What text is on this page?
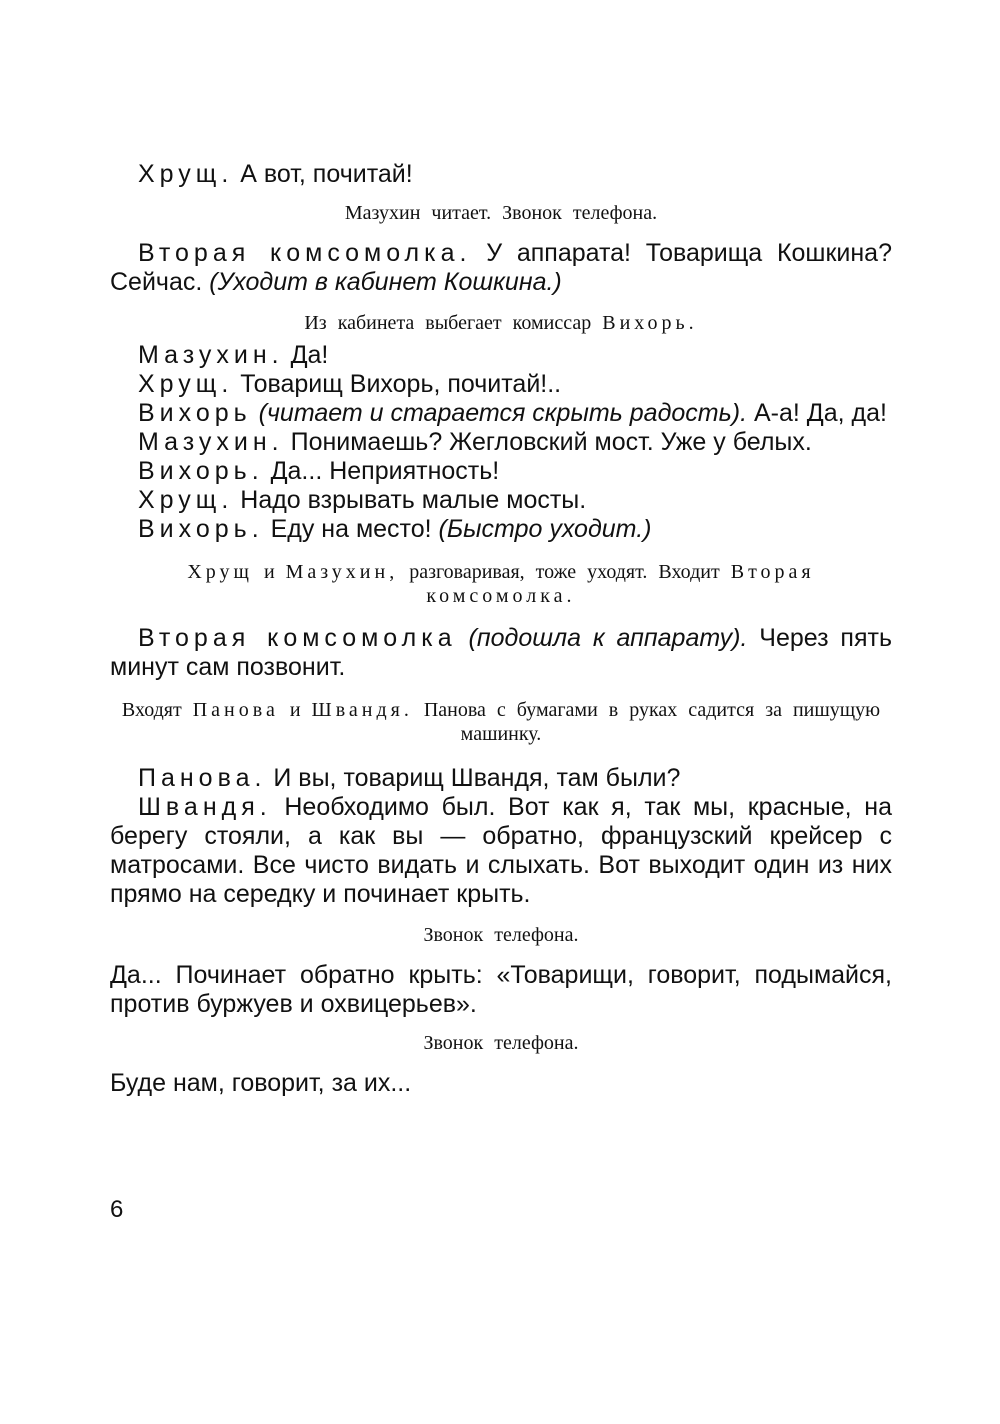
Хрущ. А вот, почитай!

Мазухин читает. Звонок телефона.

Вторая комсомолка. У аппарата! Товарища Кошкина? Сейчас. (Уходит в кабинет Кошкина.)

Из кабинета выбегает комиссар Вихорь.

Мазухин. Да!

Хрущ. Товарищ Вихорь, почитай!..

Вихорь (читает и старается скрыть радость). А-а! Да, да!

Мазухин. Понимаешь? Жегловский мост. Уже у белых.

Вихорь. Да... Неприятность!

Хрущ. Надо взрывать малые мосты.

Вихорь. Еду на место! (Быстро уходит.)

Хрущ и Мазухин, разговаривая, тоже уходят. Входит Вторая комсомолка.

Вторая комсомолка (подошла к аппарату). Через пять минут сам позвонит.

Входят Панова и Швандя. Панова с бумагами в руках садится за пишущую машинку.

Панова. И вы, товарищ Швандя, там были?

Швандя. Необходимо был. Вот как я, так мы, красные, на берегу стояли, а как вы — обратно, французский крейсер с матросами. Все чисто видать и слыхать. Вот выходит один из них прямо на середку и починает крыть.

Звонок телефона.

Да... Починает обратно крыть: «Товарищи, говорит, подымайся, против буржуев и охвицерьев».

Звонок телефона.

Буде нам, говорит, за их...

6
